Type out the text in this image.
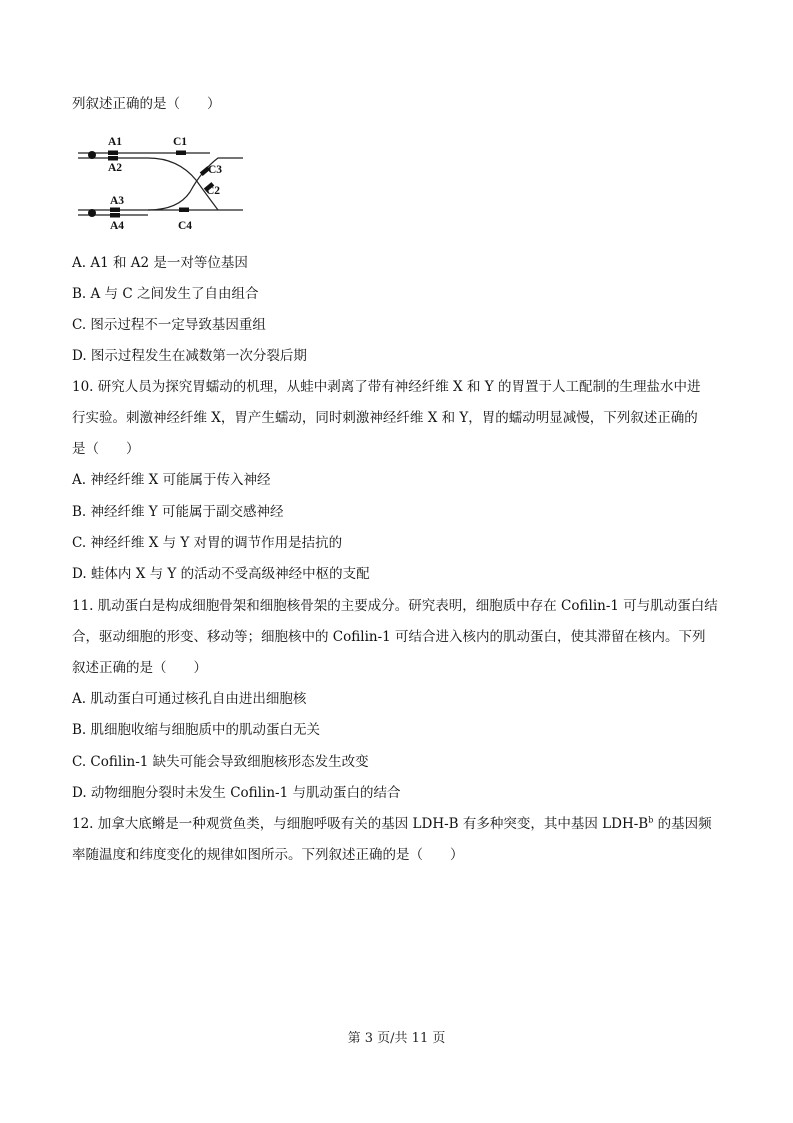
列叙述正确的是（　　）
A1
A2
A3
A4
C1
C3
C2
C4
A. A1 和 A2 是一对等位基因
B. A 与 C 之间发生了自由组合
C. 图示过程不一定导致基因重组
D. 图示过程发生在减数第一次分裂后期
10. 研究人员为探究胃蠕动的机理，从蛙中剥离了带有神经纤维 X 和 Y 的胃置于人工配制的生理盐水中进
行实验。刺激神经纤维 X，胃产生蠕动，同时刺激神经纤维 X 和 Y，胃的蠕动明显减慢，下列叙述正确的
是（　　）
A. 神经纤维 X 可能属于传入神经
B. 神经纤维 Y 可能属于副交感神经
C. 神经纤维 X 与 Y 对胃的调节作用是拮抗的
D. 蛙体内 X 与 Y 的活动不受高级神经中枢的支配
11. 肌动蛋白是构成细胞骨架和细胞核骨架的主要成分。研究表明，细胞质中存在 Cofilin-1 可与肌动蛋白结
合，驱动细胞的形变、移动等；细胞核中的 Cofilin-1 可结合进入核内的肌动蛋白，使其滞留在核内。下列
叙述正确的是（　　）
A. 肌动蛋白可通过核孔自由进出细胞核
B. 肌细胞收缩与细胞质中的肌动蛋白无关
C. Cofilin-1 缺失可能会导致细胞核形态发生改变
D. 动物细胞分裂时未发生 Cofilin-1 与肌动蛋白的结合
12. 加拿大底鳉是一种观赏鱼类，与细胞呼吸有关的基因 LDH-B 有多种突变，其中基因 LDH-$B^b$ 的基因频
率随温度和纬度变化的规律如图所示。下列叙述正确的是（　　）
第 3 页/共 11 页
